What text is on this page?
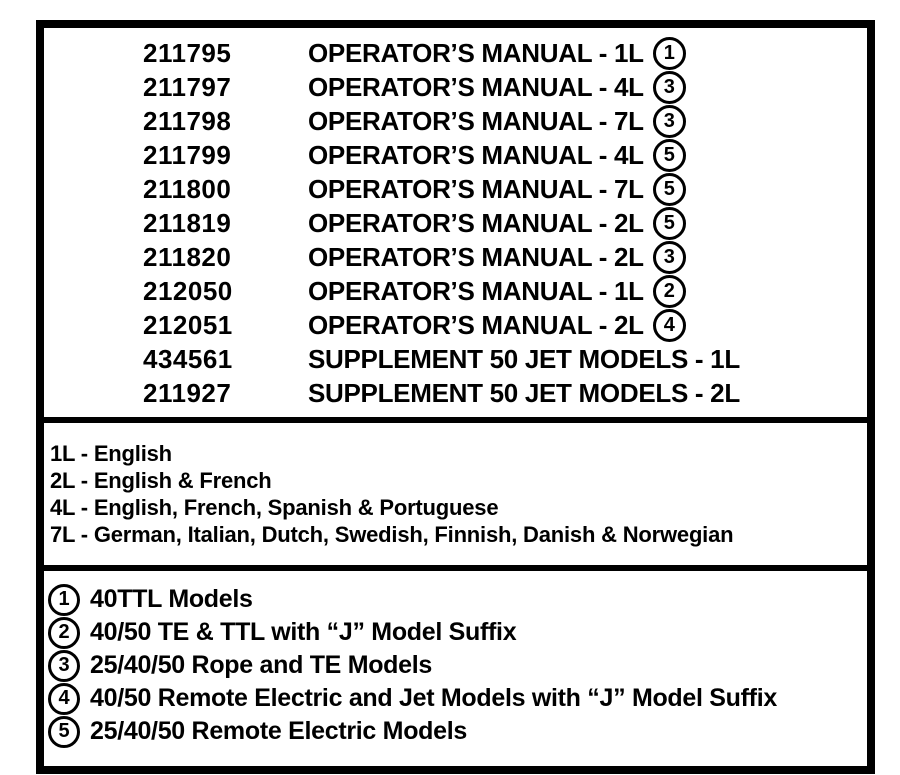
211795	OPERATOR’S MANUAL - 1L 1
211797	OPERATOR’S MANUAL - 4L 3
211798	OPERATOR’S MANUAL - 7L 3
211799	OPERATOR’S MANUAL - 4L 5
211800	OPERATOR’S MANUAL - 7L 5
211819	OPERATOR’S MANUAL - 2L 5
211820	OPERATOR’S MANUAL - 2L 3
212050	OPERATOR’S MANUAL - 1L 2
212051	OPERATOR’S MANUAL - 2L 4
434561	SUPPLEMENT 50 JET MODELS - 1L
211927	SUPPLEMENT 50 JET MODELS - 2L
1L - English
2L - English & French
4L - English, French, Spanish & Portuguese
7L - German, Italian, Dutch, Swedish, Finnish, Danish & Norwegian
1 40TTL Models
2 40/50 TE & TTL with “J” Model Suffix
3 25/40/50 Rope and TE Models
4 40/50 Remote Electric and Jet Models with “J” Model Suffix
5 25/40/50 Remote Electric Models
